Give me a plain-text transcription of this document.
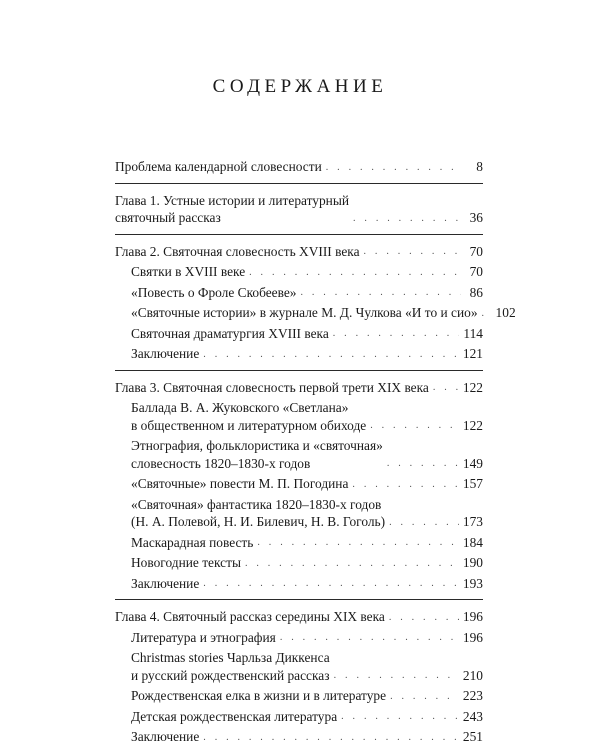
СОДЕРЖАНИЕ
Проблема календарной словесности . . .	8
Глава 1. Устные истории и литературный
святочный рассказ . . .	36
Глава 2. Святочная словесность XVIII века . . .	70
Святки в XVIII веке . . .	70
«Повесть о Фроле Скобееве» . . .	86
«Святочные истории» в журнале М. Д. Чулкова «И то и сио» . . . 102
Святочная драматургия XVIII века . . .	114
Заключение . . .	121
Глава 3. Святочная словесность первой трети XIX века . . .	122
Баллада В. А. Жуковского «Светлана»
в общественном и литературном обиходе . . .	122
Этнография, фольклористика и «святочная»
словесность 1820–1830-х годов . . .	149
«Святочные» повести М. П. Погодина . . .	157
«Святочная» фантастика 1820–1830-х годов
(Н. А. Полевой, Н. И. Билевич, Н. В. Гоголь) . . .	173
Маскарадная повесть . . .	184
Новогодние тексты . . .	190
Заключение . . .	193
Глава 4. Святочный рассказ середины XIX века . . .	196
Литература и этнография . . .	196
Christmas stories Чарльза Диккенса
и русский рождественский рассказ . . .	210
Рождественская елка в жизни и в литературе . . .	223
Детская рождественская литература . . .	243
Заключение . . .	251
